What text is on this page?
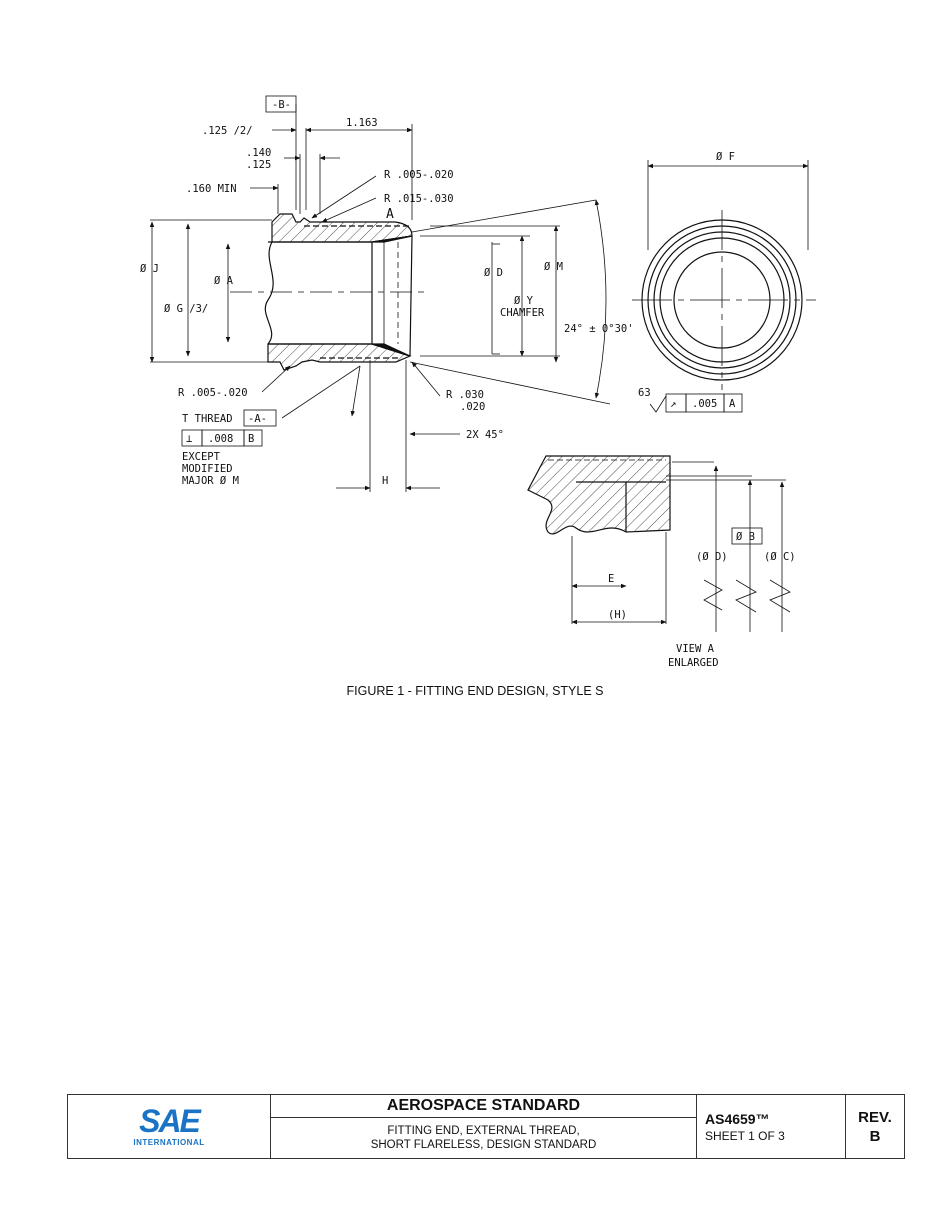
-B-
.125 /2/
1.163
.140
.125
.160 MIN
R .005-.020
R .015-.030
A
Ø F
Ø J
Ø A
Ø G /3/
Ø D	Ø M
Ø Y
CHAMFER
24° ± 0°30'
R .005-.020	R .030
.020
T THREAD -A-
⊥ .008 B
EXCEPT
MODIFIED
MAJOR Ø M
2X 45°
H
63
↗ .005 A
(Ø D)
Ø B
(Ø C)
E
(H)
VIEW A
ENLARGED
FIGURE 1 - FITTING END DESIGN, STYLE S
SAE
INTERNATIONAL
AEROSPACE STANDARD
FITTING END, EXTERNAL THREAD,
SHORT FLARELESS, DESIGN STANDARD
AS4659™
SHEET 1 OF 3
REV.
B
